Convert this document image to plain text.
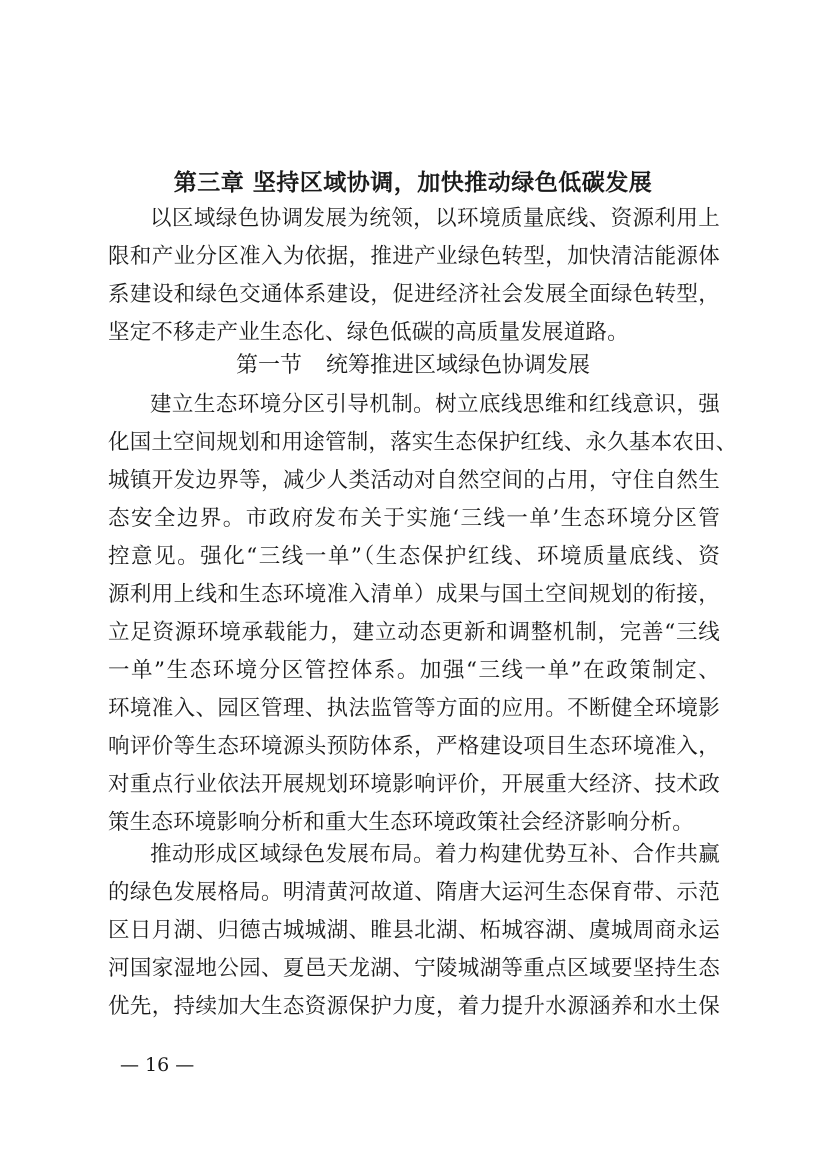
第三章 坚持区域协调，加快推动绿色低碳发展
以区域绿色协调发展为统领，以环境质量底线、资源利用上
限和产业分区准入为依据，推进产业绿色转型，加快清洁能源体
系建设和绿色交通体系建设，促进经济社会发展全面绿色转型，
坚定不移走产业生态化、绿色低碳的高质量发展道路。
第一节 统筹推进区域绿色协调发展
建立生态环境分区引导机制。树立底线思维和红线意识，强
化国土空间规划和用途管制，落实生态保护红线、永久基本农田、
城镇开发边界等，减少人类活动对自然空间的占用，守住自然生
态安全边界。市政府发布关于实施‘三线一单’生态环境分区管
控意见。强化“三线一单”（生态保护红线、环境质量底线、资
源利用上线和生态环境准入清单）成果与国土空间规划的衔接，
立足资源环境承载能力，建立动态更新和调整机制，完善“三线
一单”生态环境分区管控体系。加强“三线一单”在政策制定、
环境准入、园区管理、执法监管等方面的应用。不断健全环境影
响评价等生态环境源头预防体系，严格建设项目生态环境准入，
对重点行业依法开展规划环境影响评价，开展重大经济、技术政
策生态环境影响分析和重大生态环境政策社会经济影响分析。
推动形成区域绿色发展布局。着力构建优势互补、合作共赢
的绿色发展格局。明清黄河故道、隋唐大运河生态保育带、示范
区日月湖、归德古城城湖、睢县北湖、柘城容湖、虞城周商永运
河国家湿地公园、夏邑天龙湖、宁陵城湖等重点区域要坚持生态
优先，持续加大生态资源保护力度，着力提升水源涵养和水土保
— 16 —
